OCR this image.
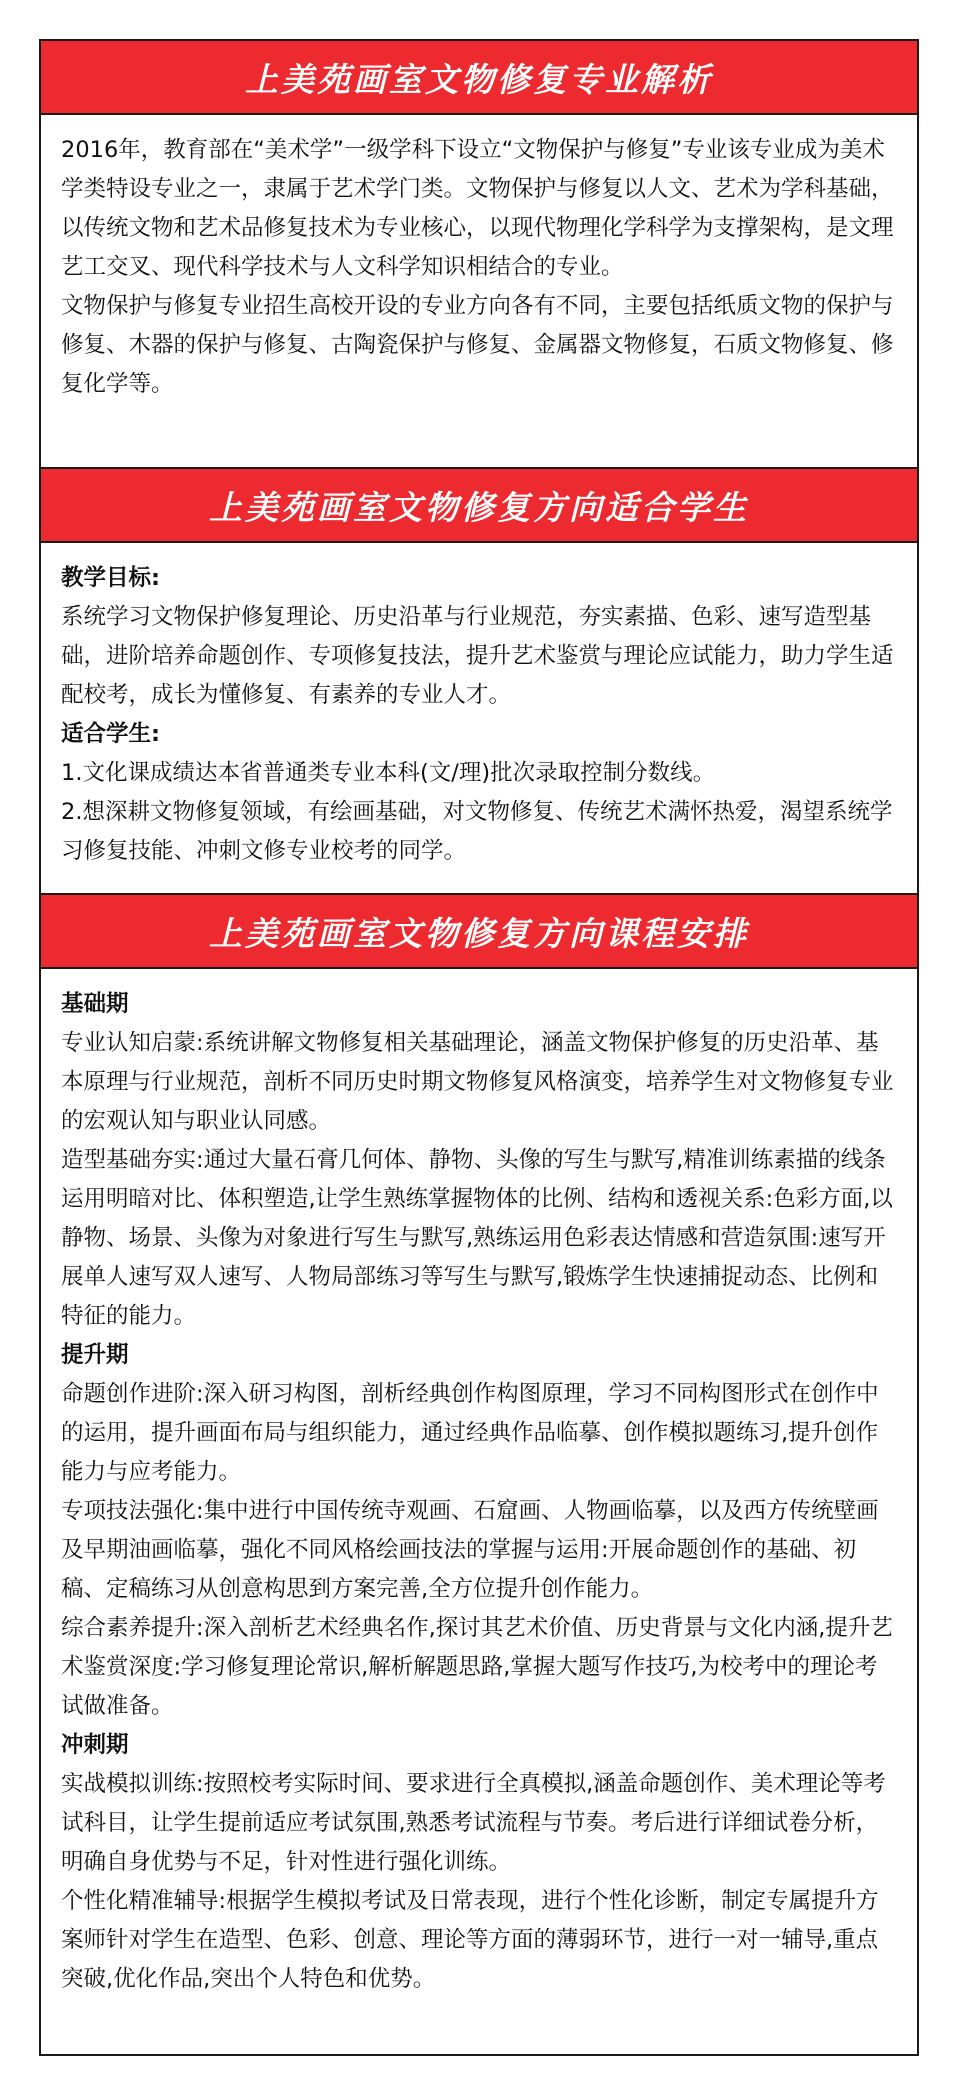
上美苑画室文物修复专业解析

2016年，教育部在“美术学”一级学科下设立“文物保护与修复”专业该专业成为美术学类特设专业之一，隶属于艺术学门类。文物保护与修复以人文、艺术为学科基础，以传统文物和艺术品修复技术为专业核心，以现代物理化学科学为支撑架构，是文理艺工交叉、现代科学技术与人文科学知识相结合的专业。

文物保护与修复专业招生高校开设的专业方向各有不同，主要包括纸质文物的保护与修复、木器的保护与修复、古陶瓷保护与修复、金属器文物修复，石质文物修复、修复化学等。

上美苑画室文物修复方向适合学生

教学目标:

系统学习文物保护修复理论、历史沿革与行业规范，夯实素描、色彩、速写造型基础，进阶培养命题创作、专项修复技法，提升艺术鉴赏与理论应试能力，助力学生适配校考，成长为懂修复、有素养的专业人才。

适合学生:

1.文化课成绩达本省普通类专业本科(文/理)批次录取控制分数线。

2.想深耕文物修复领域，有绘画基础，对文物修复、传统艺术满怀热爱，渴望系统学习修复技能、冲刺文修专业校考的同学。

上美苑画室文物修复方向课程安排

基础期

专业认知启蒙:系统讲解文物修复相关基础理论，涵盖文物保护修复的历史沿革、基本原理与行业规范，剖析不同历史时期文物修复风格演变，培养学生对文物修复专业的宏观认知与职业认同感。

造型基础夯实:通过大量石膏几何体、静物、头像的写生与默写,精准训练素描的线条运用明暗对比、体积塑造,让学生熟练掌握物体的比例、结构和透视关系:色彩方面,以静物、场景、头像为对象进行写生与默写,熟练运用色彩表达情感和营造氛围:速写开展单人速写双人速写、人物局部练习等写生与默写,锻炼学生快速捕捉动态、比例和特征的能力。

提升期

命题创作进阶:深入研习构图，剖析经典创作构图原理，学习不同构图形式在创作中的运用，提升画面布局与组织能力，通过经典作品临摹、创作模拟题练习,提升创作能力与应考能力。

专项技法强化:集中进行中国传统寺观画、石窟画、人物画临摹，以及西方传统壁画及早期油画临摹，强化不同风格绘画技法的掌握与运用:开展命题创作的基础、初稿、定稿练习从创意构思到方案完善,全方位提升创作能力。

综合素养提升:深入剖析艺术经典名作,探讨其艺术价值、历史背景与文化内涵,提升艺术鉴赏深度:学习修复理论常识,解析解题思路,掌握大题写作技巧,为校考中的理论考试做准备。

冲刺期

实战模拟训练:按照校考实际时间、要求进行全真模拟,涵盖命题创作、美术理论等考试科目，让学生提前适应考试氛围,熟悉考试流程与节奏。考后进行详细试卷分析，明确自身优势与不足，针对性进行强化训练。

个性化精准辅导:根据学生模拟考试及日常表现，进行个性化诊断，制定专属提升方案师针对学生在造型、色彩、创意、理论等方面的薄弱环节，进行一对一辅导,重点突破,优化作品,突出个人特色和优势。
